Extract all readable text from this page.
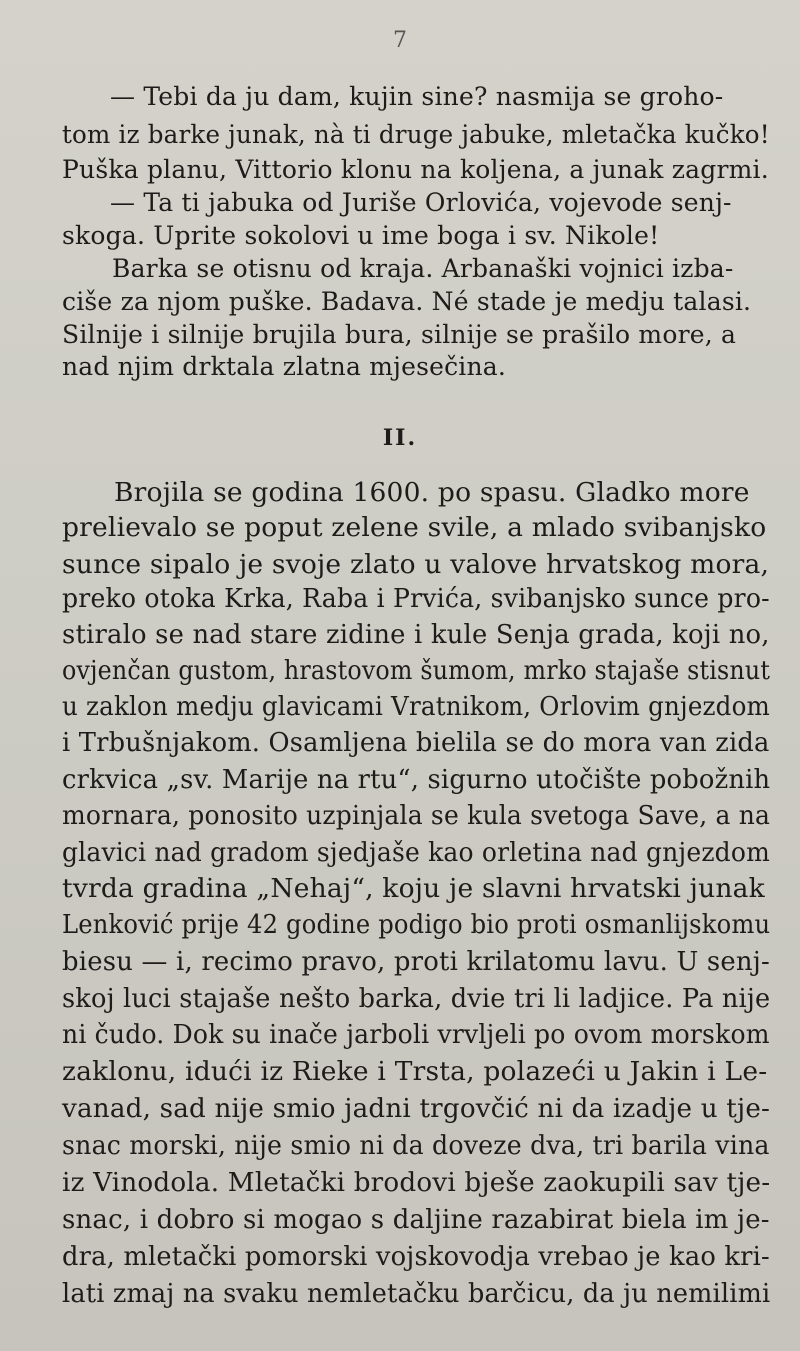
7

— Tebi da ju dam, kujin sine? nasmija se groho-

tom iz barke junak, nà ti druge jabuke, mletačka kučko!

Puška planu, Vittorio klonu na koljena, a junak zagrmi.

— Ta ti jabuka od Juriše Orlovića, vojevode senj-

skoga. Uprite sokolovi u ime boga i sv. Nikole!

Barka se otisnu od kraja. Arbanaški vojnici izba-

ciše za njom puške. Badava. Né stade je medju talasi.

Silnije i silnije brujila bura, silnije se prašilo more, a

nad njim drktala zlatna mjesečina.

II.

Brojila se godina 1600. po spasu. Gladko more

prelievalo se poput zelene svile, a mlado svibanjsko

sunce sipalo je svoje zlato u valove hrvatskog mora,

preko otoka Krka, Raba i Prvića, svibanjsko sunce pro-

stiralo se nad stare zidine i kule Senja grada, koji no,

ovjenčan gustom, hrastovom šumom, mrko stajaše stisnut

u zaklon medju glavicami Vratnikom, Orlovim gnjezdom

i Trbušnjakom. Osamljena bielila se do mora van zida

crkvica „sv. Marije na rtu“, sigurno utočište pobožnih

mornara, ponosito uzpinjala se kula svetoga Save, a na

glavici nad gradom sjedjaše kao orletina nad gnjezdom

tvrda gradina „Nehaj“, koju je slavni hrvatski junak

Lenković prije 42 godine podigo bio proti osmanlijskomu

biesu — i, recimo pravo, proti krilatomu lavu. U senj-

skoj luci stajaše nešto barka, dvie tri li ladjice. Pa nije

ni čudo. Dok su inače jarboli vrvljeli po ovom morskom

zaklonu, idući iz Rieke i Trsta, polazeći u Jakin i Le-

vanad, sad nije smio jadni trgovčić ni da izadje u tje-

snac morski, nije smio ni da doveze dva, tri barila vina

iz Vinodola. Mletački brodovi bješe zaokupili sav tje-

snac, i dobro si mogao s daljine razabirat biela im je-

dra, mletački pomorski vojskovodja vrebao je kao kri-

lati zmaj na svaku nemletačku barčicu, da ju nemilimi
